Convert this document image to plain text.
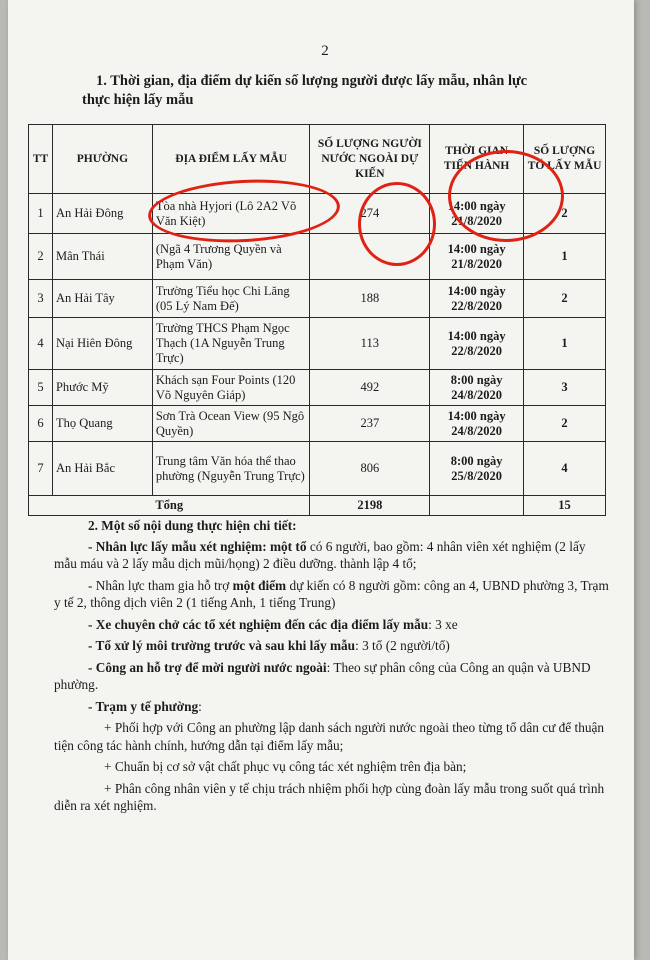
2
1. Thời gian, địa điểm dự kiến số lượng người được lấy mẫu, nhân lực
thực hiện lấy mẫu
TT	PHƯỜNG	ĐỊA ĐIỂM LẤY MẪU	SỐ LƯỢNG NGƯỜI NƯỚC NGOÀI DỰ KIẾN	THỜI GIAN TIẾN HÀNH	SỐ LƯỢNG TỔ LẤY MẪU
1	An Hải Đông	Tòa nhà Hyjori (Lô 2A2 Võ Văn Kiệt)	274	14:00 ngày 21/8/2020	2
2	Mân Thái	(Ngã 4 Trương Quyền và Phạm Văn)		14:00 ngày 21/8/2020	1
3	An Hải Tây	Trường Tiểu học Chi Lăng (05 Lý Nam Đế)	188	14:00 ngày 22/8/2020	2
4	Nại Hiên Đông	Trường THCS Phạm Ngọc Thạch (1A Nguyễn Trung Trực)	113	14:00 ngày 22/8/2020	1
5	Phước Mỹ	Khách sạn Four Points (120 Võ Nguyên Giáp)	492	8:00 ngày 24/8/2020	3
6	Thọ Quang	Sơn Trà Ocean View (95 Ngô Quyền)	237	14:00 ngày 24/8/2020	2
7	An Hải Bắc	Trung tâm Văn hóa thể thao phường (Nguyễn Trung Trực)	806	8:00 ngày 25/8/2020	4
Tổng			2198		15

2. Một số nội dung thực hiện chi tiết:

- Nhân lực lấy mẫu xét nghiệm: một tổ có 6 người, bao gồm: 4 nhân viên xét nghiệm (2 lấy mẫu máu và 2 lấy mẫu dịch mũi/họng) 2 điều dưỡng. thành lập 4 tổ;

- Nhân lực tham gia hỗ trợ một điểm dự kiến có 8 người gồm: công an 4, UBND phường 3, Trạm y tế 2, thông dịch viên 2 (1 tiếng Anh, 1 tiếng Trung)

- Xe chuyên chở các tổ xét nghiệm đến các địa điểm lấy mẫu: 3 xe

- Tổ xử lý môi trường trước và sau khi lấy mẫu: 3 tổ (2 người/tổ)

- Công an hỗ trợ để mời người nước ngoài: Theo sự phân công của Công an quận và UBND phường.

- Trạm y tế phường:

+ Phối hợp với Công an phường lập danh sách người nước ngoài theo từng tổ dân cư để thuận tiện công tác hành chính, hướng dẫn tại điểm lấy mẫu;

+ Chuẩn bị cơ sở vật chất phục vụ công tác xét nghiệm trên địa bàn;

+ Phân công nhân viên y tế chịu trách nhiệm phối hợp cùng đoàn lấy mẫu trong suốt quá trình diễn ra xét nghiệm.
